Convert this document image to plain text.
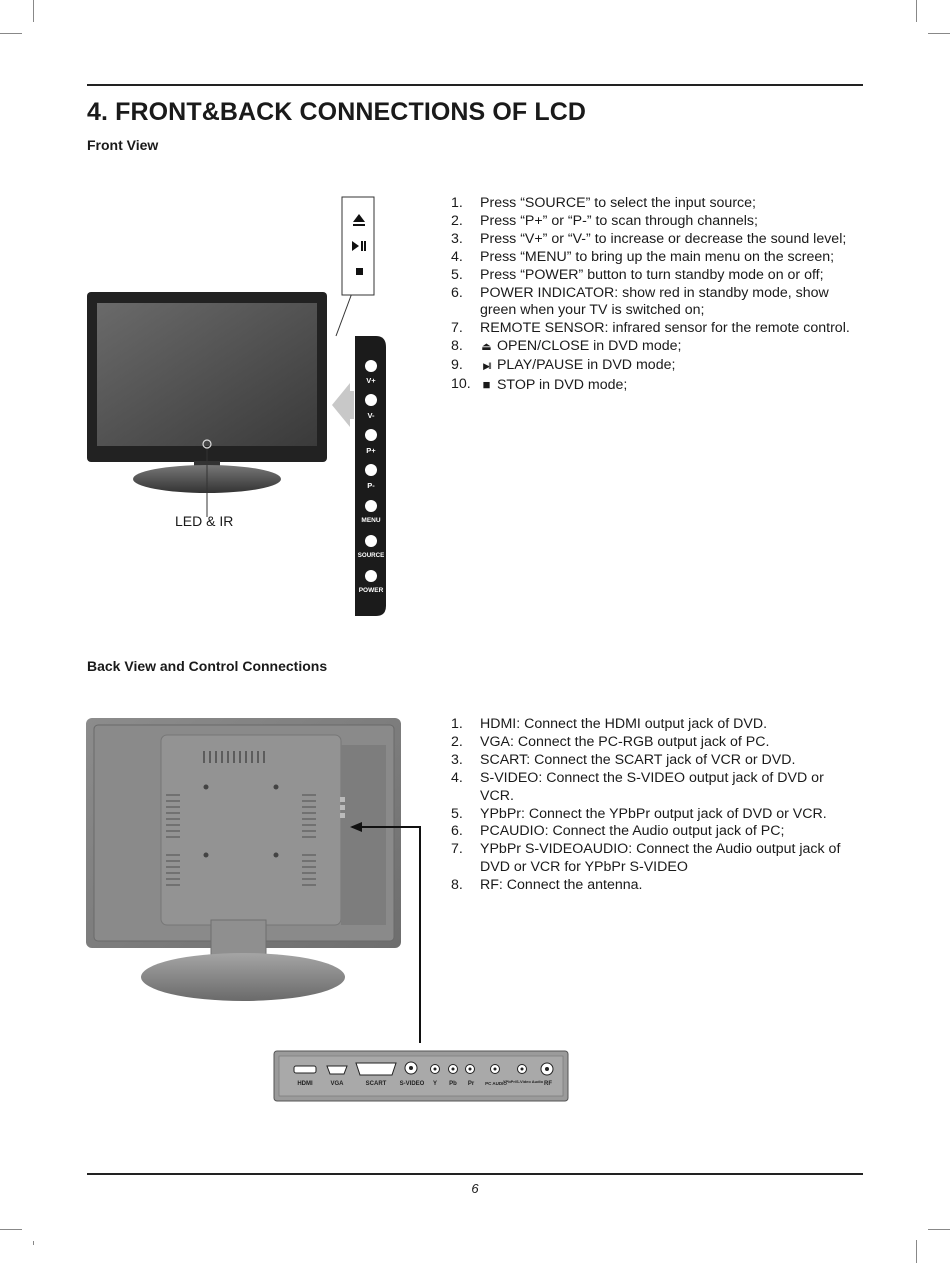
4. FRONT&BACK CONNECTIONS OF LCD

Front View

V+
V-
P+
P-
MENU
SOURCE
POWER
LED & IR
1. Press “SOURCE” to select the input source;
2. Press “P+” or “P-” to scan through channels;
3. Press “V+” or “V-” to increase or decrease the sound level;
4. Press “MENU” to bring up the main menu on the screen;
5. Press “POWER” button to turn standby mode on or off;
6. POWER INDICATOR: show red in standby mode, show green when your TV is switched on;
7. REMOTE SENSOR: infrared sensor for the remote control.
8. ⏏ OPEN/CLOSE in DVD mode;
9. ▶‖ PLAY/PAUSE in DVD mode;
10. ■ STOP in DVD mode;

Back View and Control Connections

HDMI	VGA	SCART S-VIDEO Y Pb Pr PC AUDIO
YPbPr/S-Video Audio RF
1. HDMI: Connect the HDMI output jack of DVD.
2. VGA: Connect the PC-RGB output jack of PC.
3. SCART: Connect the SCART jack of VCR or DVD.
4. S-VIDEO: Connect the S-VIDEO output jack of DVD or VCR.
5. YPbPr: Connect the YPbPr output jack of DVD or VCR.
6. PCAUDIO: Connect the Audio output jack of PC;
7. YPbPr S-VIDEOAUDIO: Connect the Audio output jack of DVD or VCR for YPbPr S-VIDEO
8. RF: Connect the antenna.
6
